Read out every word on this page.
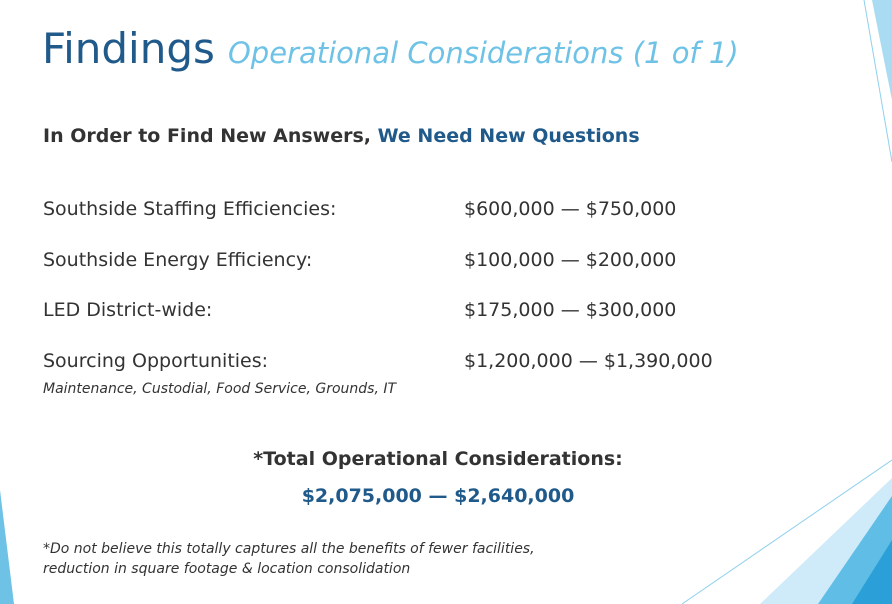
Findings Operational Considerations (1 of 1)
In Order to Find New Answers, We Need New Questions
Southside Staffing Efficiencies:	$600,000 — $750,000
Southside Energy Efficiency:	$100,000 — $200,000
LED District-wide:	$175,000 — $300,000
Sourcing Opportunities:	$1,200,000 — $1,390,000
Maintenance, Custodial, Food Service, Grounds, IT
*Total Operational Considerations:
$2,075,000 — $2,640,000
*Do not believe this totally captures all the benefits of fewer facilities,
reduction in square footage & location consolidation
